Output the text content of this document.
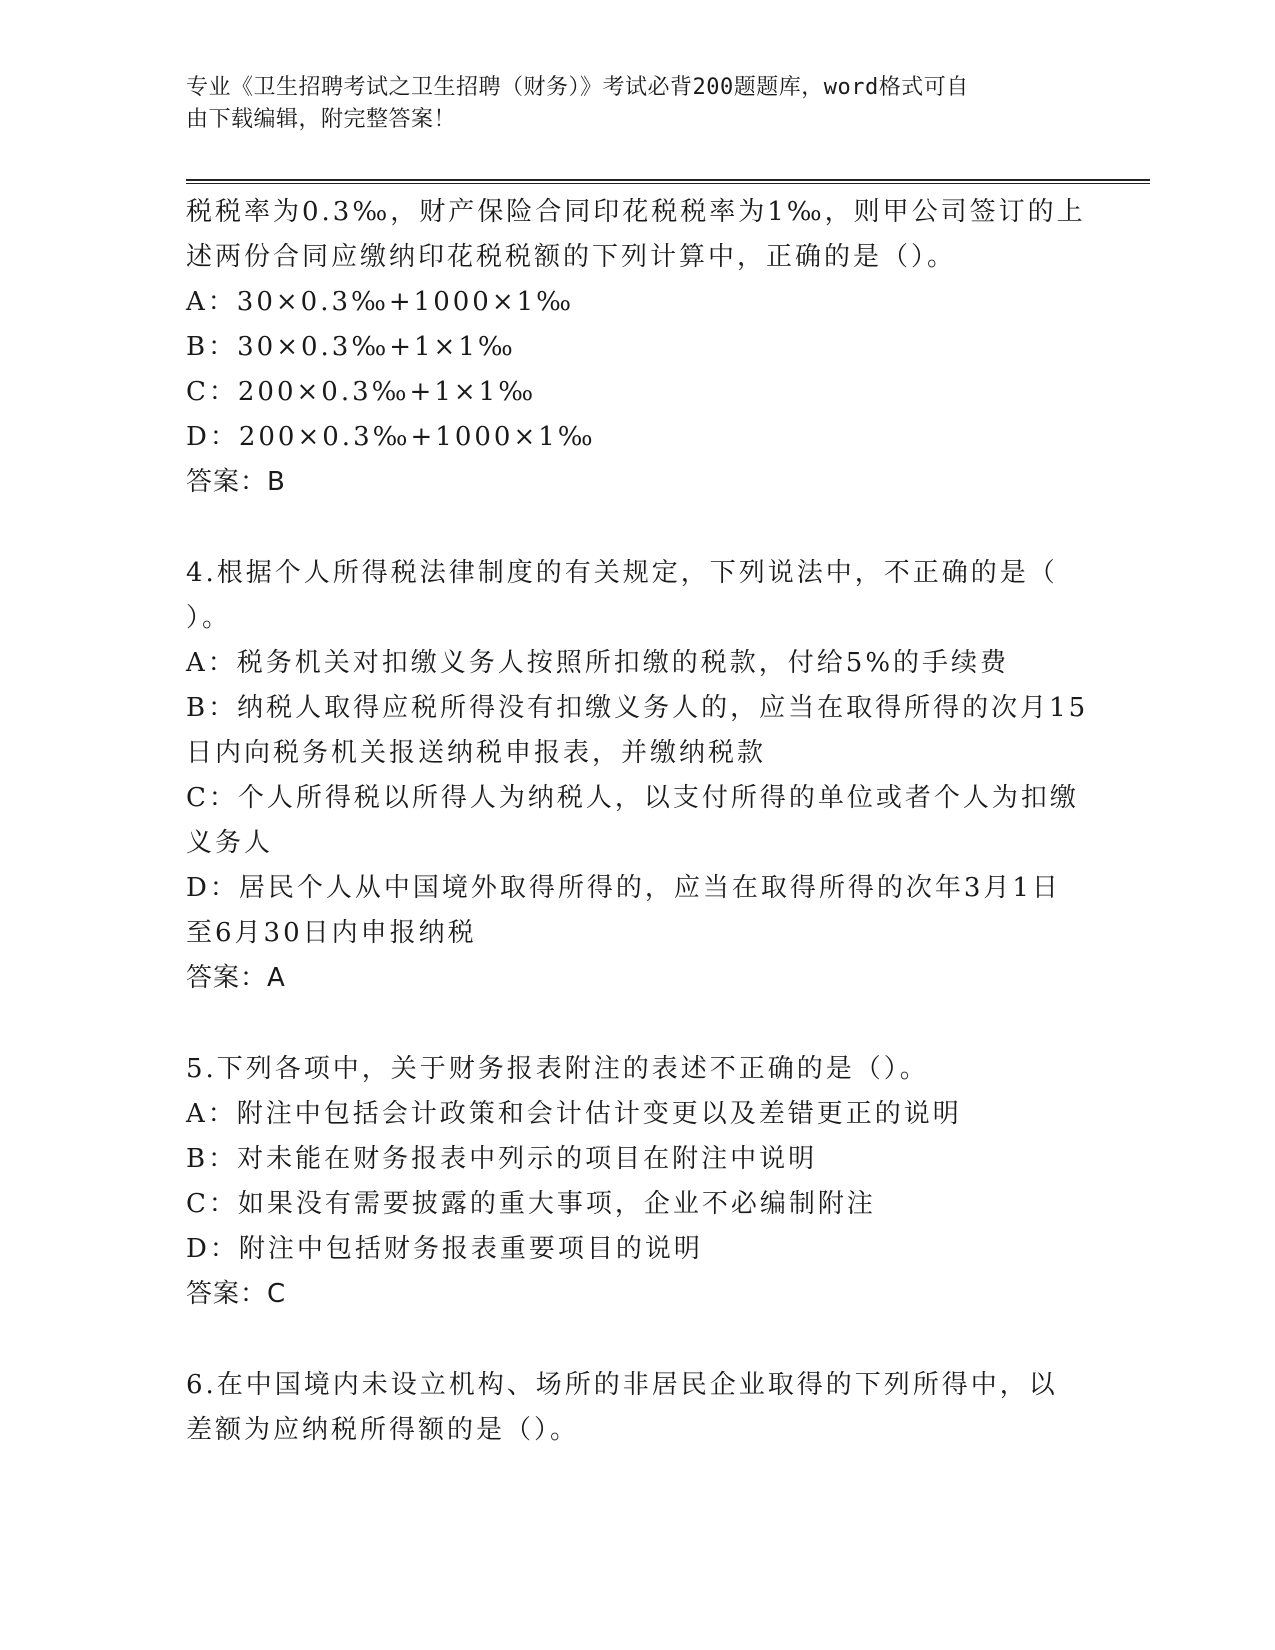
专业《卫生招聘考试之卫生招聘（财务）》考试必背200题题库，word格式可自
由下载编辑，附完整答案！
税税率为0.3‰，财产保险合同印花税税率为1‰，则甲公司签订的上
述两份合同应缴纳印花税税额的下列计算中，正确的是（）。
A：30×0.3‰+1000×1‰
B：30×0.3‰+1×1‰
C：200×0.3‰+1×1‰
D：200×0.3‰+1000×1‰
答案：B
4.根据个人所得税法律制度的有关规定，下列说法中，不正确的是（
）。
A：税务机关对扣缴义务人按照所扣缴的税款，付给5%的手续费
B：纳税人取得应税所得没有扣缴义务人的，应当在取得所得的次月15
日内向税务机关报送纳税申报表，并缴纳税款
C：个人所得税以所得人为纳税人，以支付所得的单位或者个人为扣缴
义务人
D：居民个人从中国境外取得所得的，应当在取得所得的次年3月1日
至6月30日内申报纳税
答案：A
5.下列各项中，关于财务报表附注的表述不正确的是（）。
A：附注中包括会计政策和会计估计变更以及差错更正的说明
B：对未能在财务报表中列示的项目在附注中说明
C：如果没有需要披露的重大事项，企业不必编制附注
D：附注中包括财务报表重要项目的说明
答案：C
6.在中国境内未设立机构、场所的非居民企业取得的下列所得中，以
差额为应纳税所得额的是（）。
